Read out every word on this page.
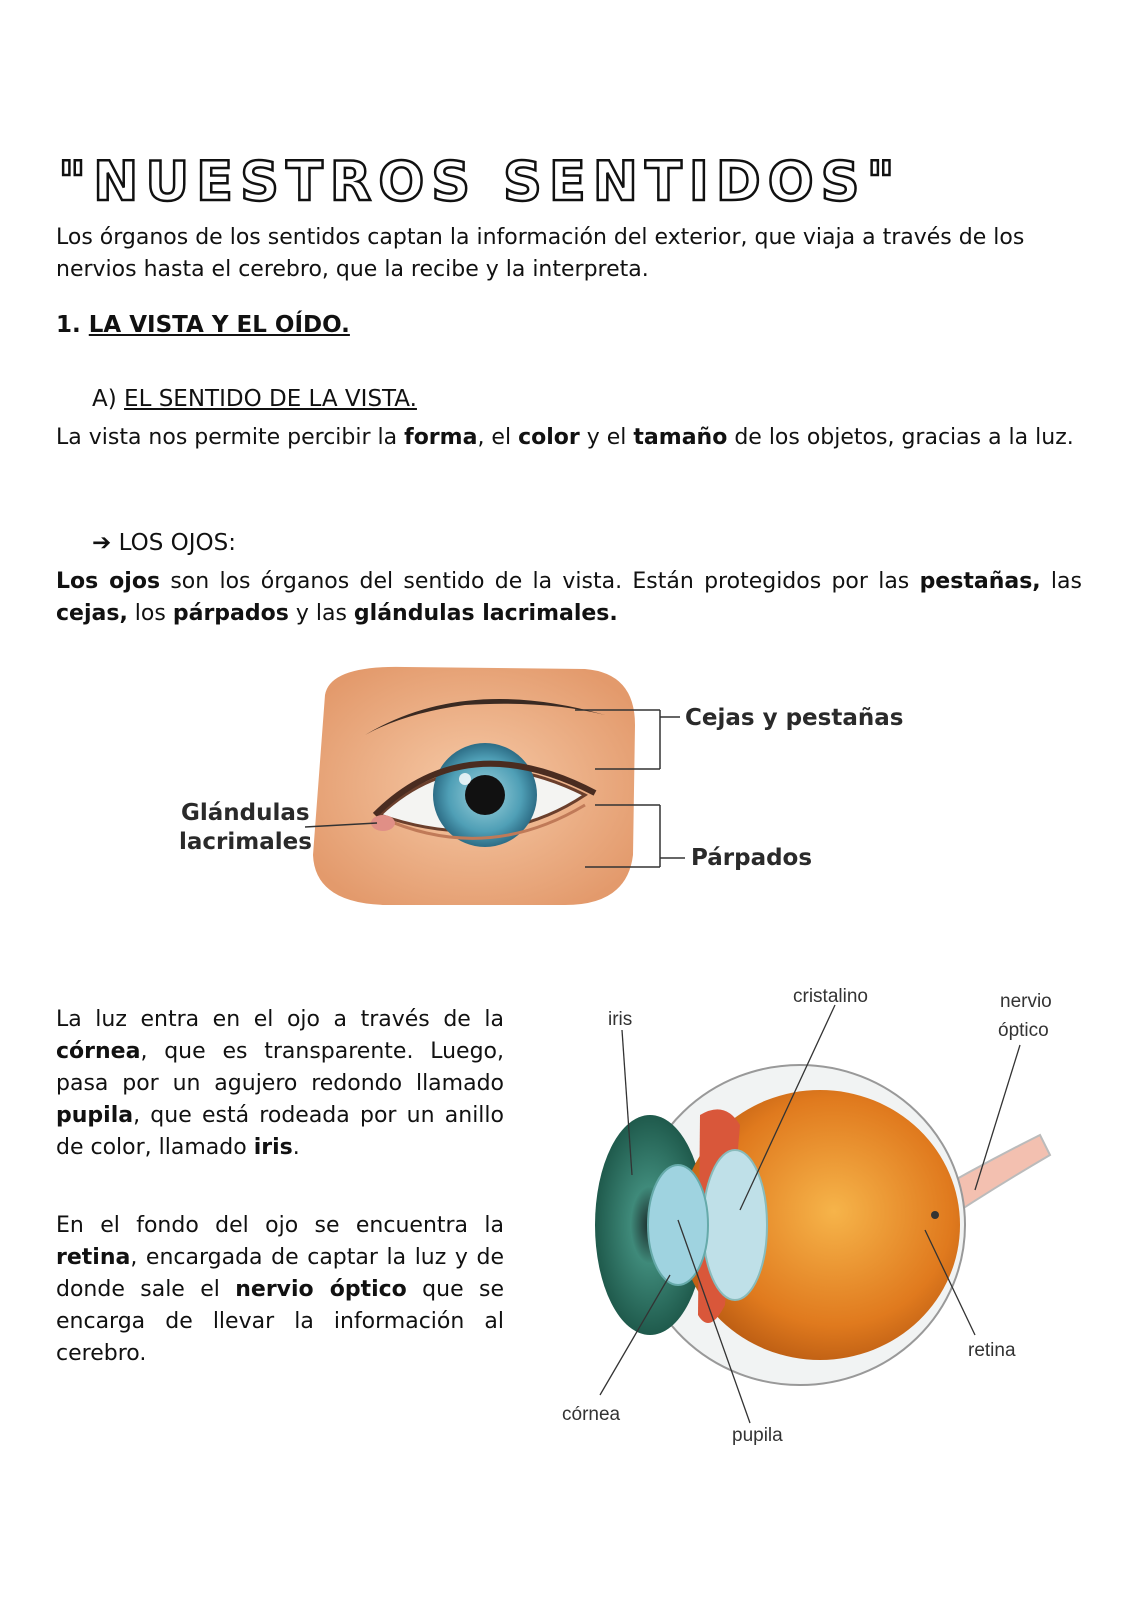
"NUESTROS SENTIDOS"
Los órganos de los sentidos captan la información del exterior, que viaja a través de los nervios hasta el cerebro, que la recibe y la interpreta.
1. LA VISTA Y EL OÍDO.
A) EL SENTIDO DE LA VISTA.
La vista nos permite percibir la forma, el color y el tamaño de los objetos, gracias a la luz.
➔ LOS OJOS:
Los ojos son los órganos del sentido de la vista. Están protegidos por las pestañas, las cejas, los párpados y las glándulas lacrimales.
Cejas y pestañas
Glándulas
lacrimales
Párpados
La luz entra en el ojo a través de la córnea, que es transparente. Luego, pasa por un agujero redondo llamado pupila, que está rodeada por un anillo de color, llamado iris.
En el fondo del ojo se encuentra la retina, encargada de captar la luz y de donde sale el nervio óptico que se encarga de llevar la información al cerebro.
iris
cristalino	nervio
óptico
retina
córnea
pupila
